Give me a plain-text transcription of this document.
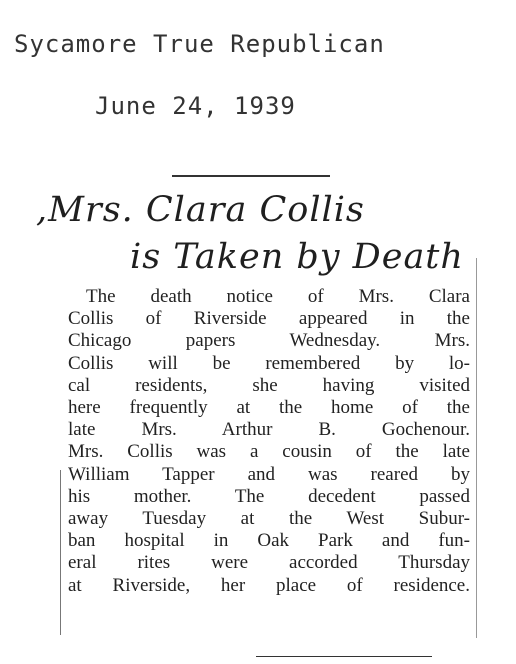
Sycamore True Republican
June 24, 1939
,Mrs. Clara Collis
is Taken by Death
The death notice of Mrs. Clara
Collis of Riverside appeared in the
Chicago papers Wednesday. Mrs.
Collis will be remembered by lo-
cal residents, she having visited
here frequently at the home of the
late Mrs. Arthur B. Gochenour.
Mrs. Collis was a cousin of the late
William Tapper and was reared by
his mother. The decedent passed
away Tuesday at the West Subur-
ban hospital in Oak Park and fun-
eral rites were accorded Thursday
at Riverside, her place of residence.
